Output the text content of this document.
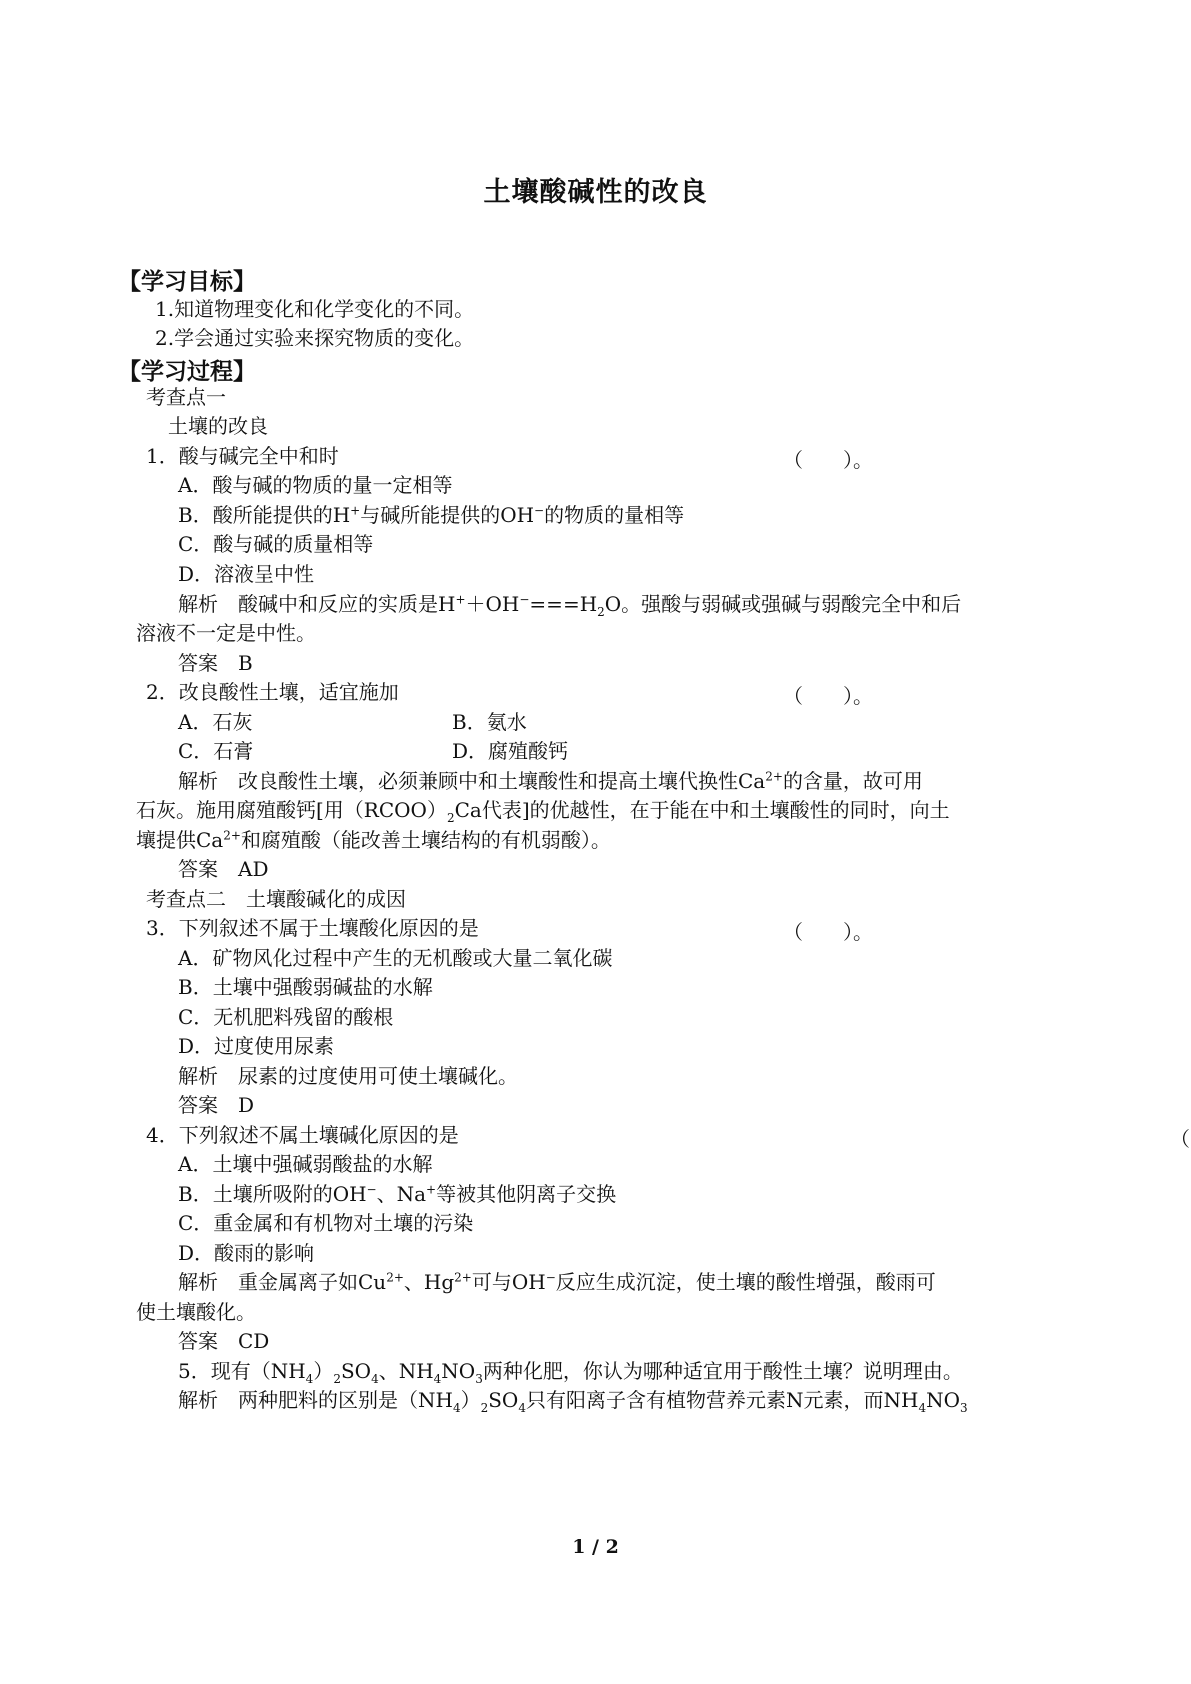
土壤酸碱性的改良
【学习目标】
1.知道物理变化和化学变化的不同。
2.学会通过实验来探究物质的变化。
【学习过程】
考查点一
土壤的改良
1．酸与碱完全中和时	（　　）。
A．酸与碱的物质的量一定相等
B．酸所能提供的H+与碱所能提供的OH−的物质的量相等
C．酸与碱的质量相等
D．溶液呈中性
解析　酸碱中和反应的实质是$H^++OH^-===H_2O$。强酸与弱碱或强碱与弱酸完全中和后
溶液不一定是中性。
答案　B
2．改良酸性土壤，适宜施加	（　　）。
A．石灰	B．氨水
C．石膏	D．腐殖酸钙
解析　改良酸性土壤，必须兼顾中和土壤酸性和提高土壤代换性$Ca^{2+}$的含量，故可用
石灰。施用腐殖酸钙[用$(RCOO)_2Ca$代表]的优越性，在于能在中和土壤酸性的同时，向土
壤提供$Ca^{2+}$和腐殖酸（能改善土壤结构的有机弱酸）。
答案　AD
考查点二　 土壤酸碱化的成因
3．下列叙述不属于土壤酸化原因的是	（　　）。
A．矿物风化过程中产生的无机酸或大量二氧化碳
B．土壤中强酸弱碱盐的水解
C．无机肥料残留的酸根
D．过度使用尿素
解析　尿素的过度使用可使土壤碱化。
答案　D
4．下列叙述不属土壤碱化原因的是	（
A．土壤中强碱弱酸盐的水解
B．土壤所吸附的OH−、Na+等被其他阴离子交换
C．重金属和有机物对土壤的污染
D．酸雨的影响
解析　重金属离子如$Cu^{2+}$、$Hg^{2+}$可与OH−反应生成沉淀，使土壤的酸性增强，酸雨可
使土壤酸化。
答案　CD
5．现有$(NH_4)_2SO_4$、$NH_4NO_3$两种化肥，你认为哪种适宜用于酸性土壤？说明理由。
解析　两种肥料的区别是$(NH_4)_2SO_4$只有阳离子含有植物营养元素N元素，而$NH_4NO_3$
1 / 2
